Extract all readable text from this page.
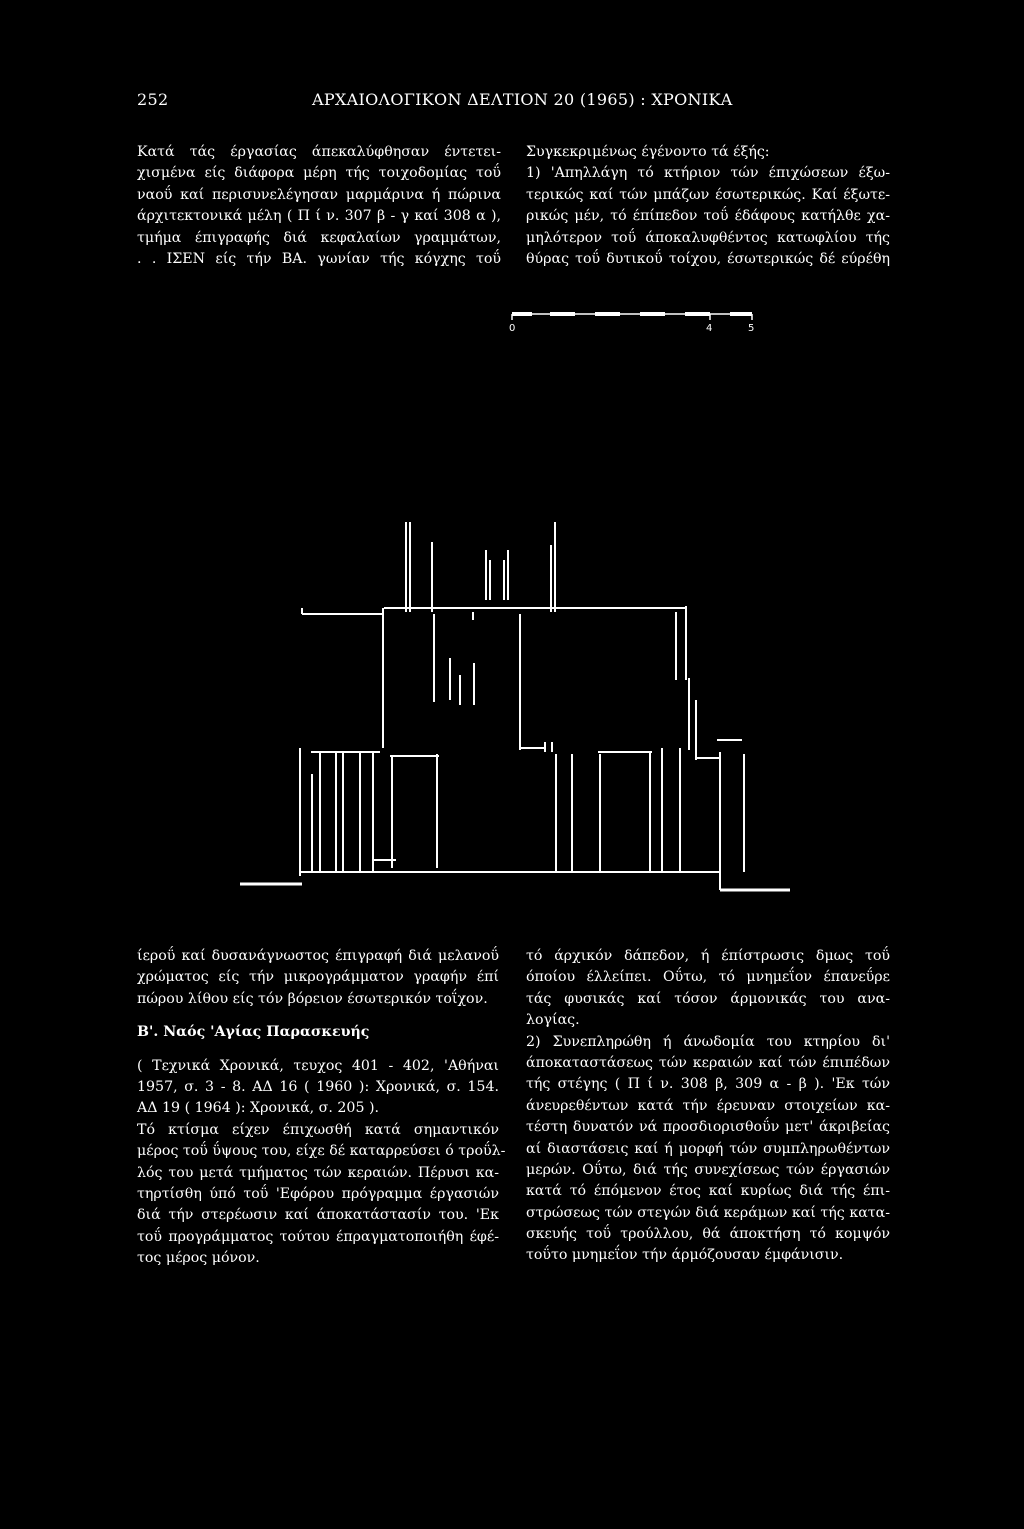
252	ΑΡΧΑΙΟΛΟΓΙΚΟΝ ΔΕΛΤΙΟΝ 20 (1965) : ΧΡΟΝΙΚΑ
Κατά τάς έργασίας άπεκαλύφθησαν έντετει-
χισμένα είς διάφορα μέρη τής τοιχοδομίας τοΰ
ναοΰ καί περισυνελέγησαν μαρμάρινα ή πώρινα
άρχιτεκτονικά μέλη ( Π ί ν. 307 β - γ καί 308 α ),
τμήμα έπιγραφής διά κεφαλαίων γραμμάτων,
. . ΙΣΕΝ είς τήν ΒΑ. γωνίαν τής κόγχης τοΰ
Συγκεκριμένως έγένοντο τά έξής:
1) 'Απηλλάγη τό κτήριον τών έπιχώσεων έξω-
τερικώς καί τών μπάζων έσωτερικώς. Καί έξωτε-
ρικώς μέν, τό έπίπεδον τοΰ έδάφους κατήλθε χα-
μηλότερον τοΰ άποκαλυφθέντος κατωφλίου τής
θύρας τοΰ δυτικοΰ τοίχου, έσωτερικώς δέ εύρέθη
0	4	5
ίεροΰ καί δυσανάγνωστος έπιγραφή διά μελανοΰ
χρώματος είς τήν μικρογράμματον γραφήν έπί
πώρου λίθου είς τόν βόρειον έσωτερικόν τοΐχον.
Β'. Ναός 'Αγίας Παρασκευής
( Τεχνικά Χρονικά, τευχος 401 - 402, 'Αθήναι
1957, σ. 3 - 8. ΑΔ 16 ( 1960 ): Χρονικά, σ. 154.
ΑΔ 19 ( 1964 ): Χρονικά, σ. 205 ).
Τό κτίσμα είχεν έπιχωσθή κατά σημαντικόν
μέρος τοΰ ΰψους του, είχε δέ καταρρεύσει ό τροΰλ-
λός του μετά τμήματος τών κεραιών. Πέρυσι κα-
τηρτίσθη ύπό τοΰ 'Εφόρου πρόγραμμα έργασιών
διά τήν στερέωσιν καί άποκατάστασίν του. 'Εκ
τοΰ προγράμματος τούτου έπραγματοποιήθη έφέ-
τος μέρος μόνον.
τό άρχικόν δάπεδον, ή έπίστρωσις δμως τοΰ
όποίου έλλείπει. Οΰτω, τό μνημεΐον έπανεΰρε
τάς φυσικάς καί τόσον άρμονικάς του ανα-
λογίας.
2) Συνεπληρώθη ή άνωδομία του κτηρίου δι'
άποκαταστάσεως τών κεραιών καί τών έπιπέδων
τής στέγης ( Π ί ν. 308 β, 309 α - β ). 'Εκ τών
άνευρεθέντων κατά τήν έρευναν στοιχείων κα-
τέστη δυνατόν νά προσδιορισθοΰν μετ' άκριβείας
αί διαστάσεις καί ή μορφή τών συμπληρωθέντων
μερών. Οΰτω, διά τής συνεχίσεως τών έργασιών
κατά τό έπόμενον έτος καί κυρίως διά τής έπι-
στρώσεως τών στεγών διά κεράμων καί τής κατα-
σκευής τοΰ τρούλλου, θά άποκτήση τό κομψόν
τοΰτο μνημεΐον τήν άρμόζουσαν έμφάνισιν.
